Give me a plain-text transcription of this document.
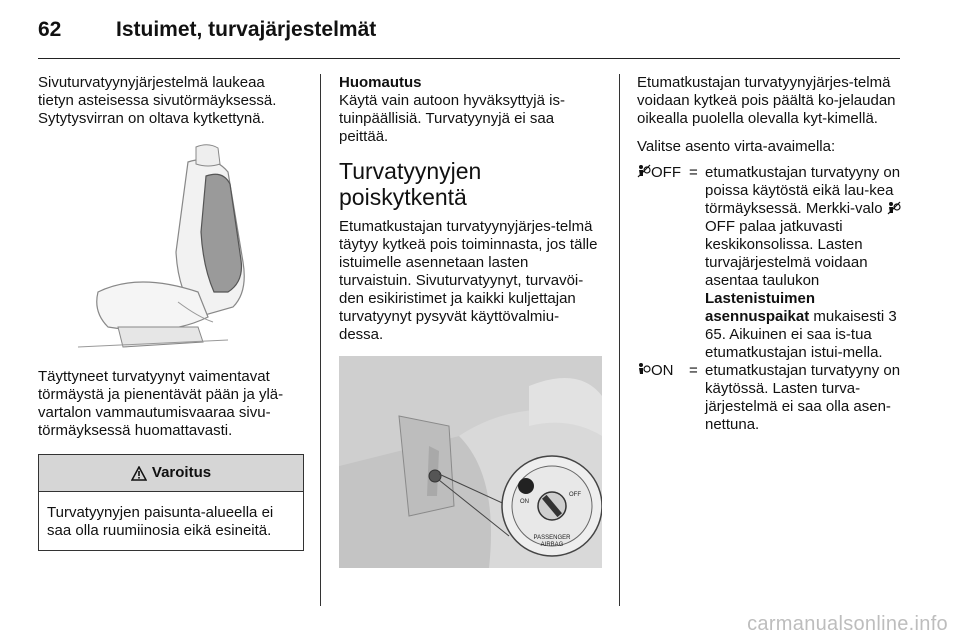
62	Istuimet, turvajärjestelmät

Sivuturvatyynyjärjestelmä laukeaa tietyn asteisessa sivutörmäyksessä. Sytytysvirran on oltava kytkettynä.

Täyttyneet turvatyynyt vaimentavat törmäystä ja pienentävät pään ja ylä-vartalon vammautumisvaaraa sivu-törmäyksessä huomattavasti.

Varoitus
Turvatyynyjen paisunta-alueella ei saa olla ruumiinosia eikä esineitä.

Huomautus

Käytä vain autoon hyväksyttyjä is-tuinpäällisiä. Turvatyynyjä ei saa peittää.

Turvatyynyjen poiskytkentä

Etumatkustajan turvatyynyjärjes-telmä täytyy kytkeä pois toiminnasta, jos tälle istuimelle asennetaan lasten turvaistuin. Sivuturvatyynyt, turvavöi-den esikiristimet ja kaikki kuljettajan turvatyynyt pysyvät käyttövalmiu-dessa.

ON
OFF
PASSENGER
AIRBAG

Etumatkustajan turvatyynyjärjes-telmä voidaan kytkeä pois päältä ko-jelaudan oikealla puolella olevalla kyt-kimellä.

Valitse asento virta-avaimella:

OFF = etumatkustajan turvatyyny on poissa käytöstä eikä lau-kea törmäyksessä. Merkki-valo OFF palaa jatkuvasti keskikonsolissa. Lasten turvajärjestelmä voidaan asentaa taulukon Lastenistuimen asennuspaikat mukaisesti 3 65. Aikuinen ei saa is-tua etumatkustajan istui-mella.
ON = etumatkustajan turvatyyny on käytössä. Lasten turva-järjestelmä ei saa olla asen-nettuna.
carmanualsonline.info
